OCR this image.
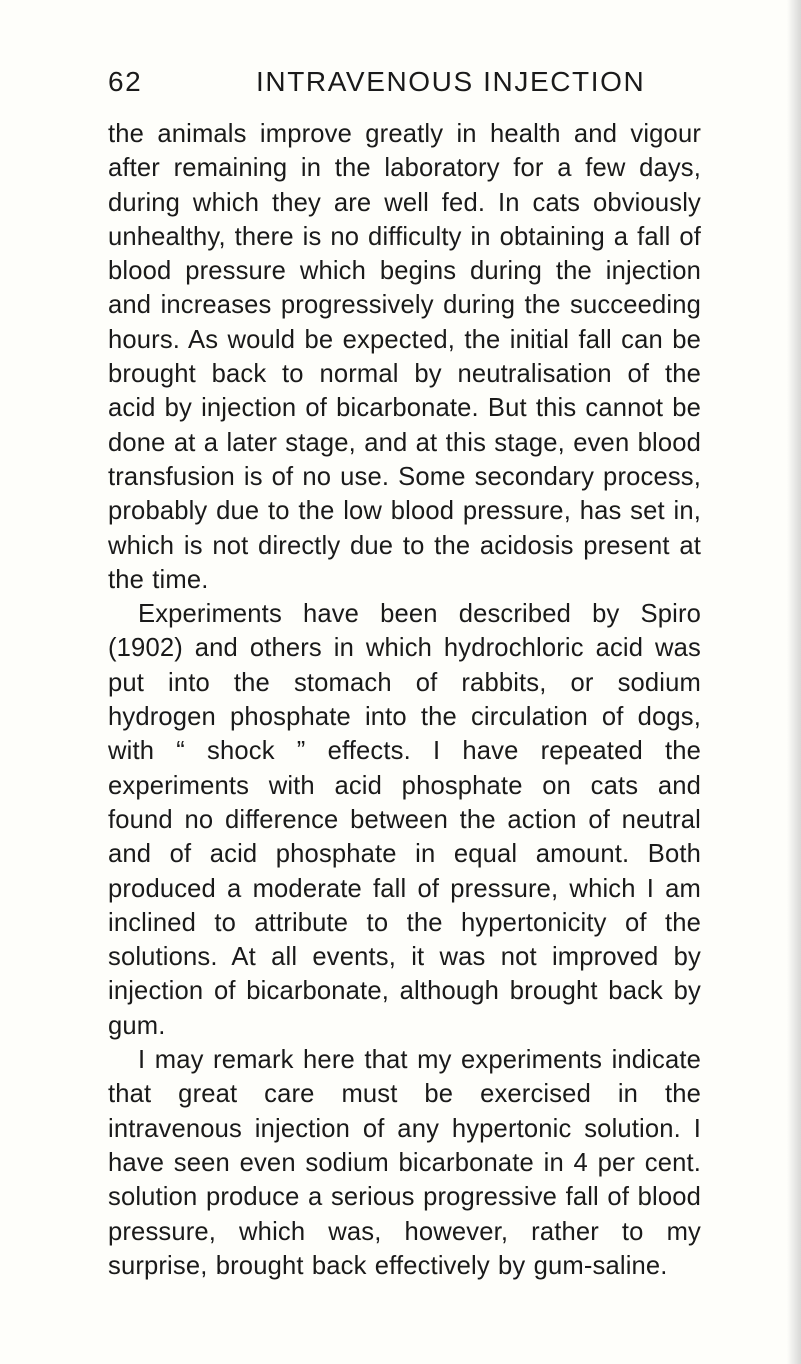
62	INTRAVENOUS INJECTION

the animals improve greatly in health and vigour after remaining in the laboratory for a few days, during which they are well fed. In cats obviously unhealthy, there is no difficulty in obtaining a fall of blood pressure which begins during the injection and increases progressively during the succeeding hours. As would be expected, the initial fall can be brought back to normal by neutralisation of the acid by injection of bicarbonate. But this cannot be done at a later stage, and at this stage, even blood transfusion is of no use. Some secondary process, probably due to the low blood pressure, has set in, which is not directly due to the acidosis present at the time.

Experiments have been described by Spiro (1902) and others in which hydrochloric acid was put into the stomach of rabbits, or sodium hydrogen phosphate into the circulation of dogs, with “ shock ” effects. I have repeated the experiments with acid phosphate on cats and found no difference between the action of neutral and of acid phosphate in equal amount. Both produced a moderate fall of pressure, which I am inclined to attribute to the hypertonicity of the solutions. At all events, it was not improved by injection of bicarbonate, although brought back by gum.

I may remark here that my experiments indicate that great care must be exercised in the intravenous injection of any hypertonic solution. I have seen even sodium bicarbonate in 4 per cent. solution produce a serious progressive fall of blood pressure, which was, however, rather to my surprise, brought back effectively by gum-saline.
